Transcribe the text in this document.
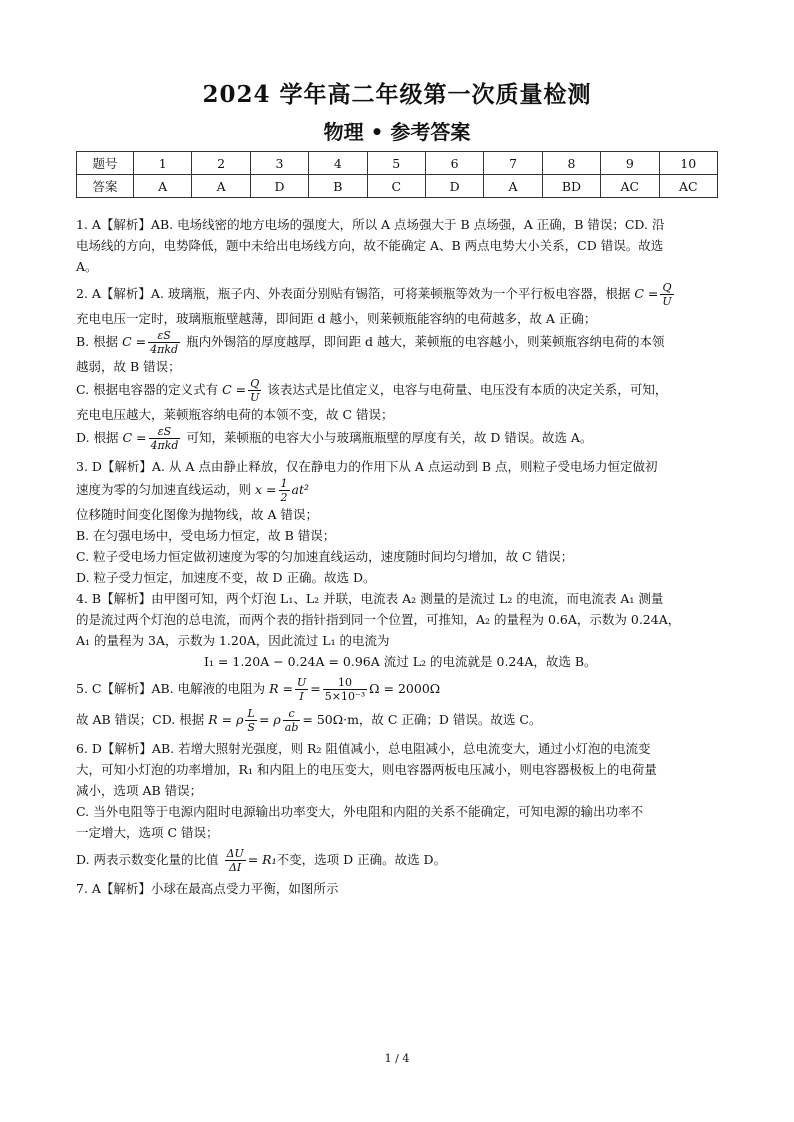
2024 学年高二年级第一次质量检测
物理 • 参考答案
题号	1	2	3	4	5	6	7	8	9	10
答案	A	A	D	B	C	D	A	BD	AC	AC

1. A【解析】AB. 电场线密的地方电场的强度大，所以 A 点场强大于 B 点场强，A 正确，B 错误；CD. 沿

电场线的方向，电势降低，题中未给出电场线方向，故不能确定 A、B 两点电势大小关系，CD 错误。故选

A。

2. A【解析】A. 玻璃瓶，瓶子内、外表面分别贴有锡箔，可将莱顿瓶等效为一个平行板电容器，根据 $C = \frac{Q}{U}$

充电电压一定时，玻璃瓶瓶壁越薄，即间距 d 越小，则莱顿瓶能容纳的电荷越多，故 A 正确；

B. 根据 $C = \frac{\varepsilon S}{\text{4πkd}}$ 瓶内外锡箔的厚度越厚，即间距 d 越大，莱顿瓶的电容越小，则莱顿瓶容纳电荷的本领

越弱，故 B 错误；

C. 根据电容器的定义式有 $C = \frac{Q}{U}$ 该表达式是比值定义，电容与电荷量、电压没有本质的决定关系，可知，

充电电压越大，莱顿瓶容纳电荷的本领不变，故 C 错误；

D. 根据 $C = \frac{\varepsilon S}{\text{4πkd}}$ 可知，莱顿瓶的电容大小与玻璃瓶瓶壁的厚度有关，故 D 错误。故选 A。

3. D【解析】A. 从 A 点由静止释放，仅在静电力的作用下从 A 点运动到 B 点，则粒子受电场力恒定做初

速度为零的匀加速直线运动，则 $x = \frac{1}{2} at^2$

位移随时间变化图像为抛物线，故 A 错误；

B. 在匀强电场中，受电场力恒定，故 B 错误；

C. 粒子受电场力恒定做初速度为零的匀加速直线运动，速度随时间均匀增加，故 C 错误；

D. 粒子受力恒定，加速度不变，故 D 正确。故选 D。

4. B【解析】由甲图可知，两个灯泡 L₁、L₂ 并联，电流表 A₂ 测量的是流过 L₂ 的电流，而电流表 A₁ 测量

的是流过两个灯泡的总电流，而两个表的指针指到同一个位置，可推知，A₂ 的量程为 0.6A，示数为 0.24A，

A₁ 的量程为 3A，示数为 1.20A，因此流过 L₁ 的电流为

I₁ = 1.20A − 0.24A = 0.96A 流过 L₂ 的电流就是 0.24A，故选 B。

5. C【解析】AB. 电解液的电阻为 $R = \frac{U}{I} = \frac{10}{\text{5×10⁻³}}$ Ω = 2000Ω

故 AB 错误；CD. 根据 R = ρ $\frac{L}{S} = \rho \frac{c}{ab} = 50\Omega\cdot m$，故 C 正确；D 错误。故选 C。

6. D【解析】AB. 若增大照射光强度，则 R₂ 阻值减小，总电阻减小，总电流变大，通过小灯泡的电流变

大，可知小灯泡的功率增加，R₁ 和内阻上的电压变大，则电容器两板电压减小，则电容器极板上的电荷量

减小，选项 AB 错误；

C. 当外电阻等于电源内阻时电源输出功率变大，外电阻和内阻的关系不能确定，可知电源的输出功率不

一定增大，选项 C 错误；

D. 两表示数变化量的比值 $\frac{\Delta U}{\Delta I} = R_1$不变，选项 D 正确。故选 D。

7. A【解析】小球在最高点受力平衡，如图所示

1 / 4
